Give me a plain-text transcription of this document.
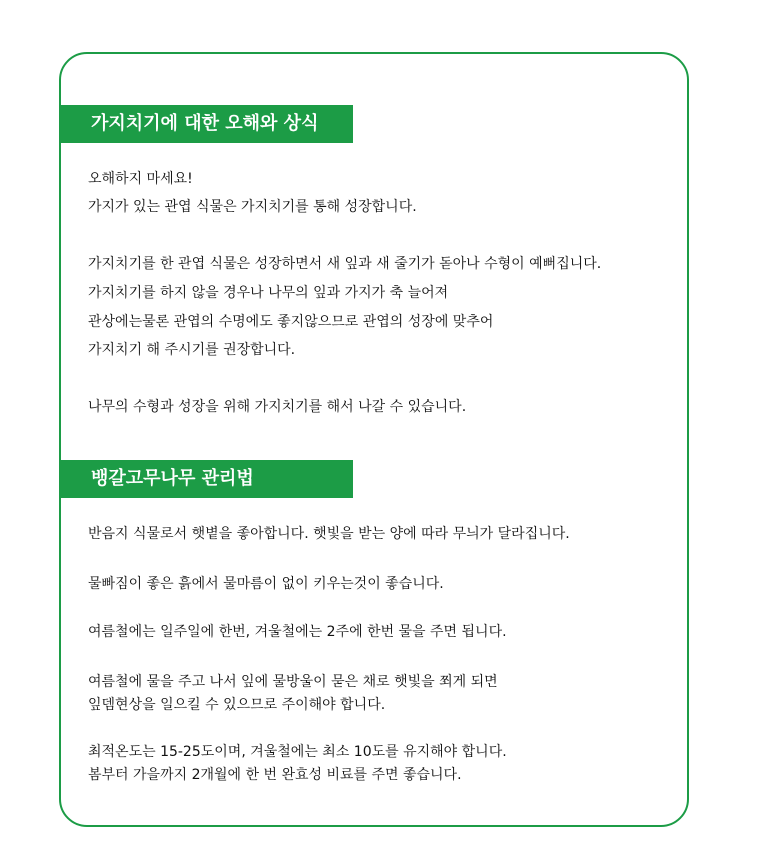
가지치기에 대한 오해와 상식
오해하지 마세요!
가지가 있는 관엽 식물은 가지치기를 통해 성장합니다.
가지치기를 한 관엽 식물은 성장하면서 새 잎과 새 줄기가 돋아나 수형이 예뻐집니다.
가지치기를 하지 않을 경우나 나무의 잎과 가지가 축 늘어져
관상에는물론 관엽의 수명에도 좋지않으므로 관엽의 성장에 맞추어
가지치기 해 주시기를 권장합니다.
나무의 수형과 성장을 위해 가지치기를 해서 나갈 수 있습니다.
뱅갈고무나무 관리법
반음지 식물로서 햇볕을 좋아합니다. 햇빛을 받는 양에 따라 무늬가 달라집니다.
물빠짐이 좋은 흙에서 물마름이 없이 키우는것이 좋습니다.
여름철에는 일주일에 한번, 겨울철에는 2주에 한번 물을 주면 됩니다.
여름철에 물을 주고 나서 잎에 물방울이 묻은 채로 햇빛을 쬐게 되면
잎뎀현상을 일으킬 수 있으므로 주이해야 합니다.
최적온도는 15-25도이며, 겨울철에는 최소 10도를 유지해야 합니다.
봄부터 가을까지 2개월에 한 번 완효성 비료를 주면 좋습니다.
